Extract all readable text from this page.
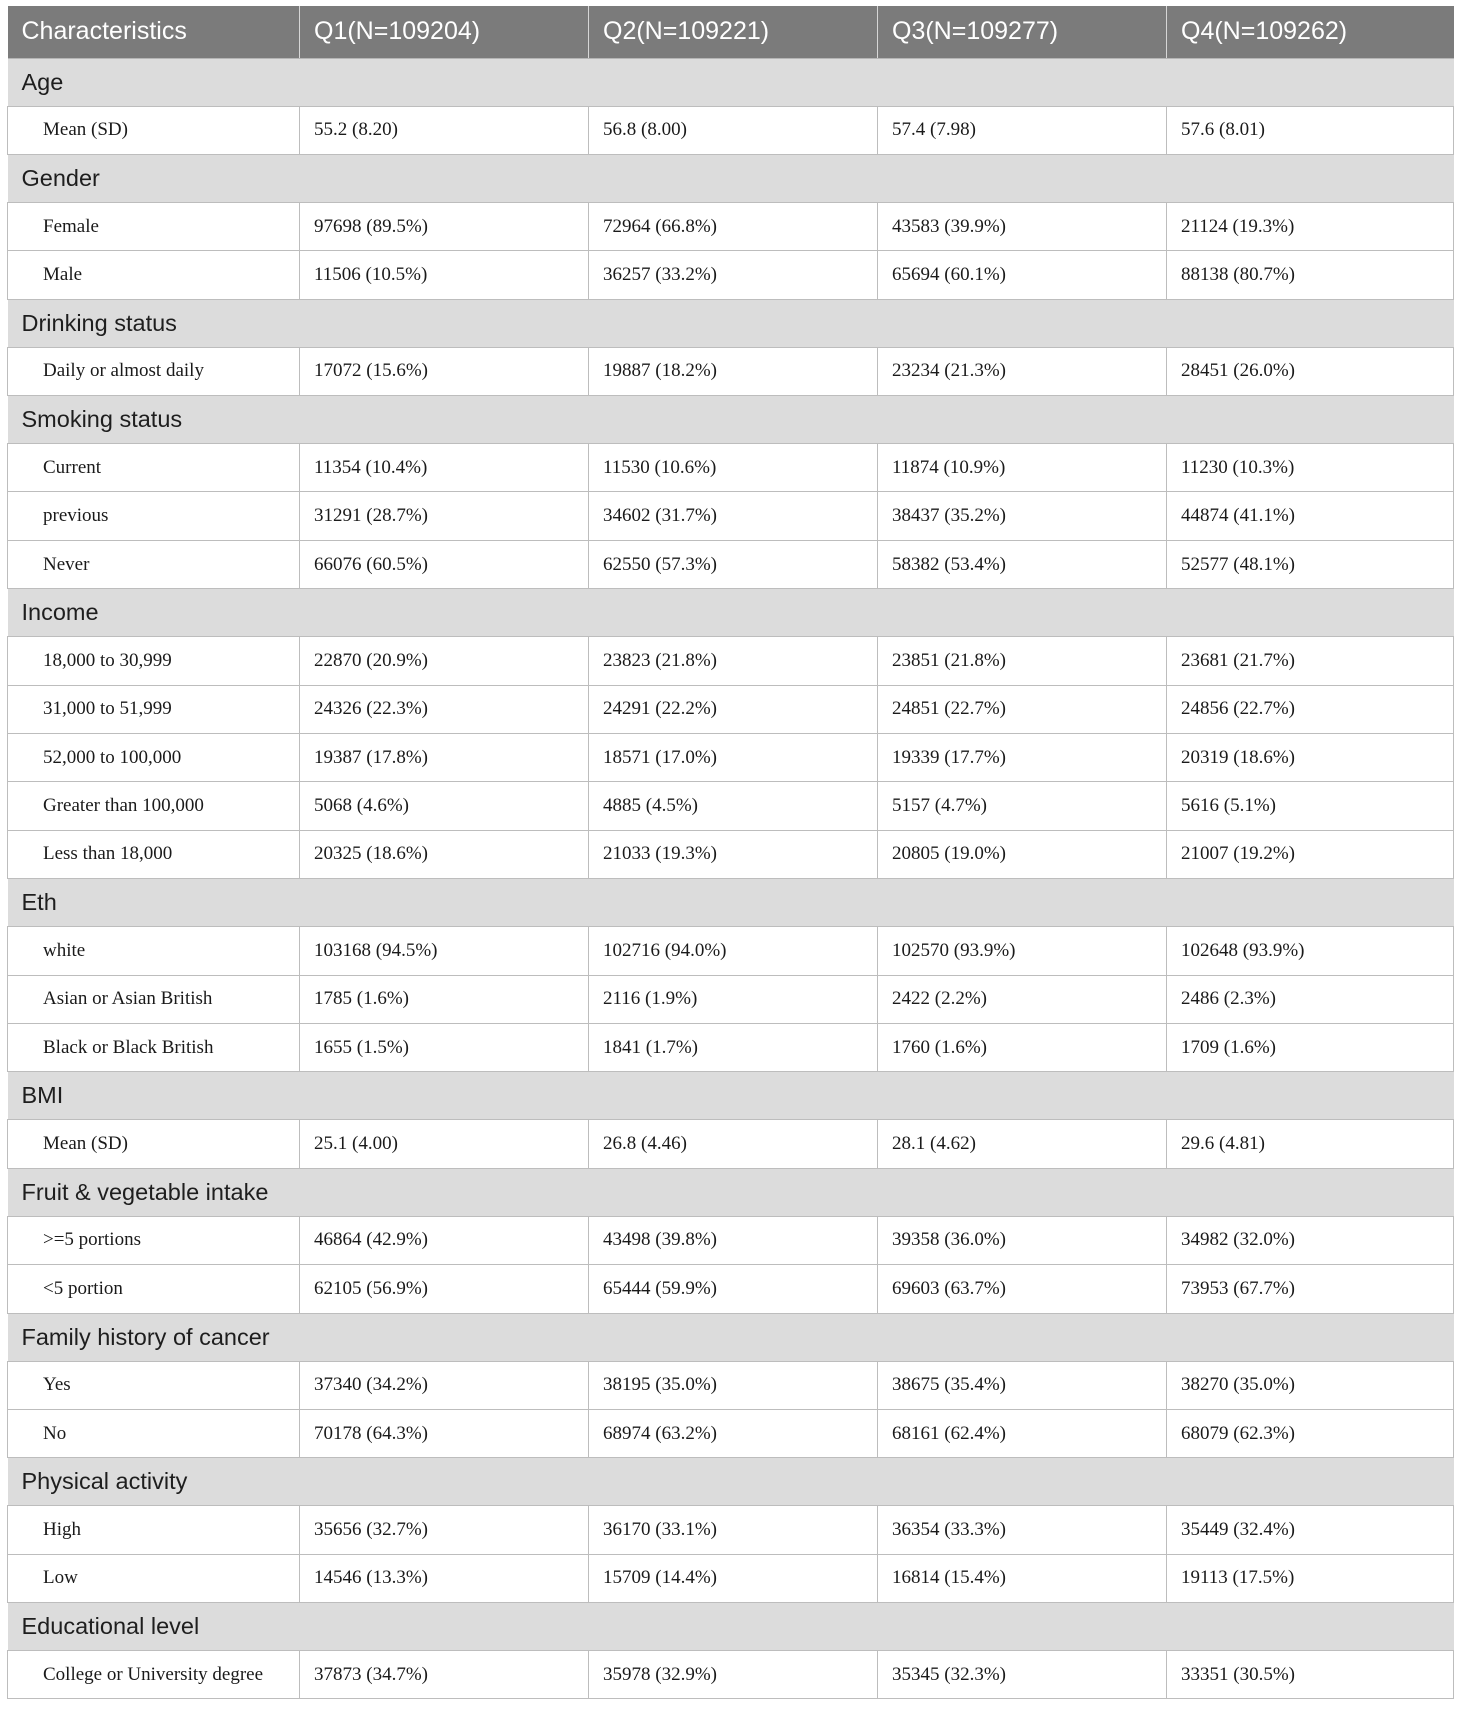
Characteristics	Q1(N=109204)	Q2(N=109221)	Q3(N=109277)	Q4(N=109262)
Age				
Mean (SD)	55.2 (8.20)	56.8 (8.00)	57.4 (7.98)	57.6 (8.01)
Gender				
Female	97698 (89.5%)	72964 (66.8%)	43583 (39.9%)	21124 (19.3%)
Male	11506 (10.5%)	36257 (33.2%)	65694 (60.1%)	88138 (80.7%)
Drinking status				
Daily or almost daily	17072 (15.6%)	19887 (18.2%)	23234 (21.3%)	28451 (26.0%)
Smoking status				
Current	11354 (10.4%)	11530 (10.6%)	11874 (10.9%)	11230 (10.3%)
previous	31291 (28.7%)	34602 (31.7%)	38437 (35.2%)	44874 (41.1%)
Never	66076 (60.5%)	62550 (57.3%)	58382 (53.4%)	52577 (48.1%)
Income				
18,000 to 30,999	22870 (20.9%)	23823 (21.8%)	23851 (21.8%)	23681 (21.7%)
31,000 to 51,999	24326 (22.3%)	24291 (22.2%)	24851 (22.7%)	24856 (22.7%)
52,000 to 100,000	19387 (17.8%)	18571 (17.0%)	19339 (17.7%)	20319 (18.6%)
Greater than 100,000	5068 (4.6%)	4885 (4.5%)	5157 (4.7%)	5616 (5.1%)
Less than 18,000	20325 (18.6%)	21033 (19.3%)	20805 (19.0%)	21007 (19.2%)
Eth				
white	103168 (94.5%)	102716 (94.0%)	102570 (93.9%)	102648 (93.9%)
Asian or Asian British	1785 (1.6%)	2116 (1.9%)	2422 (2.2%)	2486 (2.3%)
Black or Black British	1655 (1.5%)	1841 (1.7%)	1760 (1.6%)	1709 (1.6%)
BMI				
Mean (SD)	25.1 (4.00)	26.8 (4.46)	28.1 (4.62)	29.6 (4.81)
Fruit & vegetable intake				
>=5 portions	46864 (42.9%)	43498 (39.8%)	39358 (36.0%)	34982 (32.0%)
<5 portion	62105 (56.9%)	65444 (59.9%)	69603 (63.7%)	73953 (67.7%)
Family history of cancer				
Yes	37340 (34.2%)	38195 (35.0%)	38675 (35.4%)	38270 (35.0%)
No	70178 (64.3%)	68974 (63.2%)	68161 (62.4%)	68079 (62.3%)
Physical activity				
High	35656 (32.7%)	36170 (33.1%)	36354 (33.3%)	35449 (32.4%)
Low	14546 (13.3%)	15709 (14.4%)	16814 (15.4%)	19113 (17.5%)
Educational level				
College or University degree	37873 (34.7%)	35978 (32.9%)	35345 (32.3%)	33351 (30.5%)
